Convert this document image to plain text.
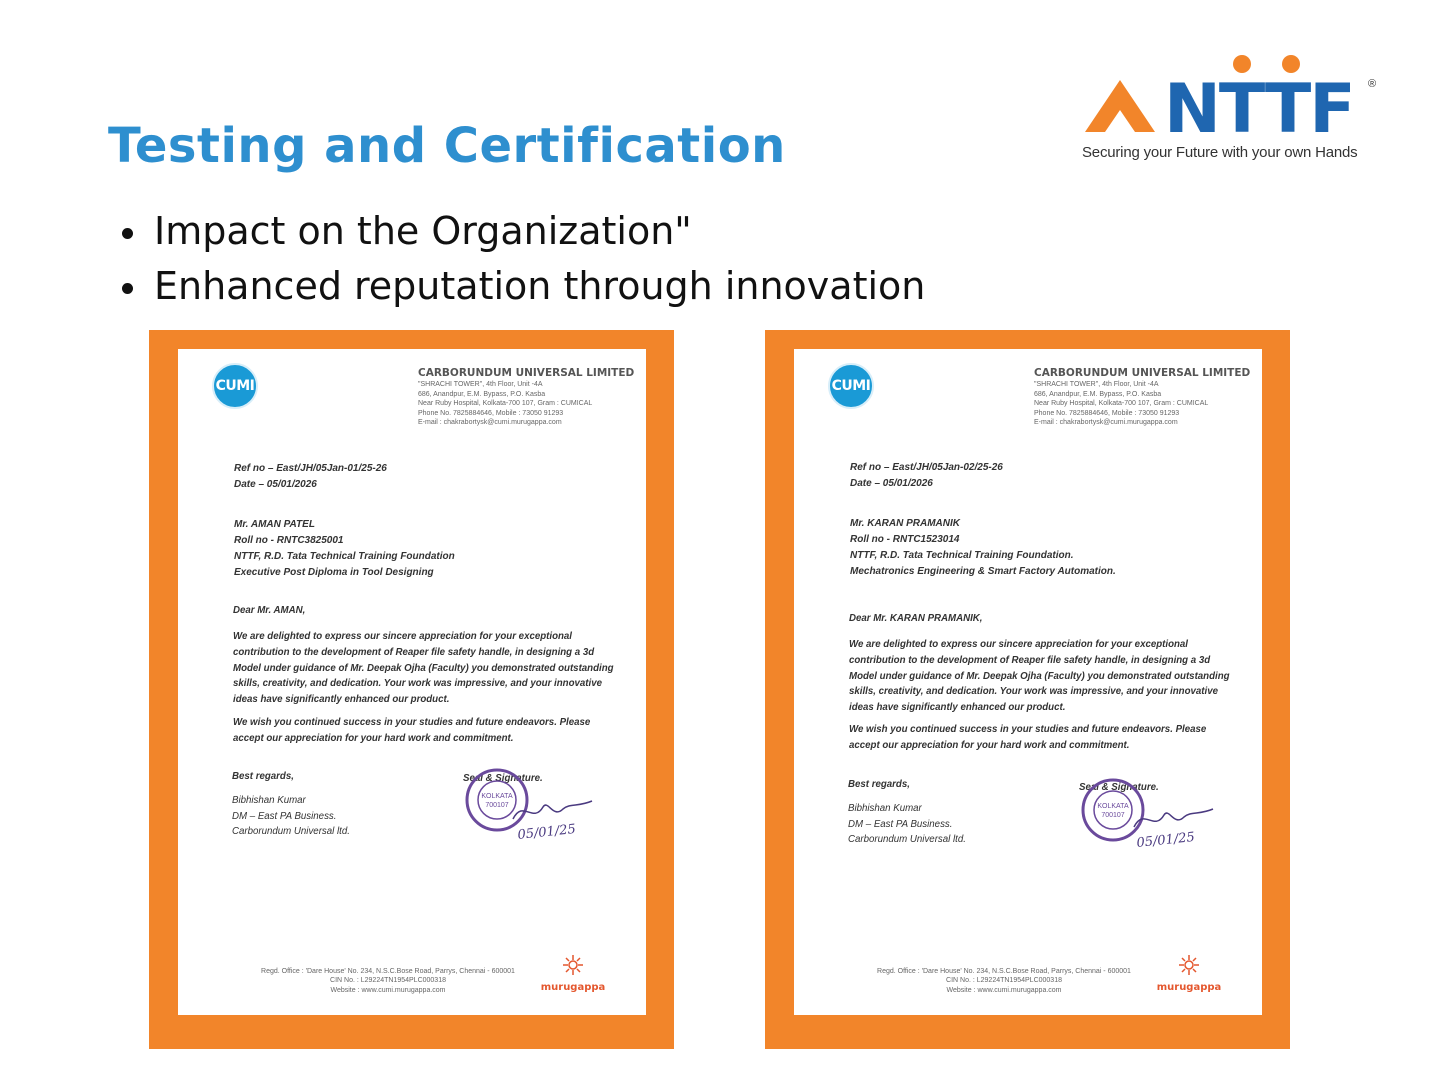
Testing and Certification
Impact on the Organization"
Enhanced reputation through innovation
NTTF ®
Securing your Future with your own Hands
CUMI
CARBORUNDUM UNIVERSAL LIMITED
"SHRACHI TOWER", 4th Floor, Unit -4A
686, Anandpur, E.M. Bypass, P.O. Kasba
Near Ruby Hospital, Kolkata-700 107, Gram : CUMICAL
Phone No. 7825884646, Mobile : 73050 91293
E-mail : chakrabortysk@cumi.murugappa.com
Ref no – East/JH/05Jan-01/25-26
Date – 05/01/2026
Mr. AMAN PATEL
Roll no - RNTC3825001
NTTF, R.D. Tata Technical Training Foundation
Executive Post Diploma in Tool Designing
Dear Mr. AMAN,
We are delighted to express our sincere appreciation for your exceptional contribution to the development of Reaper file safety handle, in designing a 3d Model under guidance of Mr. Deepak Ojha (Faculty) you demonstrated outstanding skills, creativity, and dedication. Your work was impressive, and your innovative ideas have significantly enhanced our product.
We wish you continued success in your studies and future endeavors. Please accept our appreciation for your hard work and commitment.
Best regards,
Bibhishan Kumar
DM – East PA Business.
Carborundum Universal ltd.
Seal & Signature.
KOLKATA
700107
05/01/25
Regd. Office : 'Dare House' No. 234, N.S.C.Bose Road, Parrys, Chennai - 600001
CIN No. : L29224TN1954PLC000318
Website : www.cumi.murugappa.com	murugappa
CUMI
CARBORUNDUM UNIVERSAL LIMITED
"SHRACHI TOWER", 4th Floor, Unit -4A
686, Anandpur, E.M. Bypass, P.O. Kasba
Near Ruby Hospital, Kolkata-700 107, Gram : CUMICAL
Phone No. 7825884646, Mobile : 73050 91293
E-mail : chakrabortysk@cumi.murugappa.com
Ref no – East/JH/05Jan-02/25-26
Date – 05/01/2026
Mr. KARAN PRAMANIK
Roll no - RNTC1523014
NTTF, R.D. Tata Technical Training Foundation.
Mechatronics Engineering & Smart Factory Automation.
Dear Mr. KARAN PRAMANIK,
We are delighted to express our sincere appreciation for your exceptional contribution to the development of Reaper file safety handle, in designing a 3d Model under guidance of Mr. Deepak Ojha (Faculty) you demonstrated outstanding skills, creativity, and dedication. Your work was impressive, and your innovative ideas have significantly enhanced our product.
We wish you continued success in your studies and future endeavors. Please accept our appreciation for your hard work and commitment.
Best regards,
Bibhishan Kumar
DM – East PA Business.
Carborundum Universal ltd.
Seal & Signature.
KOLKATA
700107
05/01/25
Regd. Office : 'Dare House' No. 234, N.S.C.Bose Road, Parrys, Chennai - 600001
CIN No. : L29224TN1954PLC000318
Website : www.cumi.murugappa.com	murugappa
